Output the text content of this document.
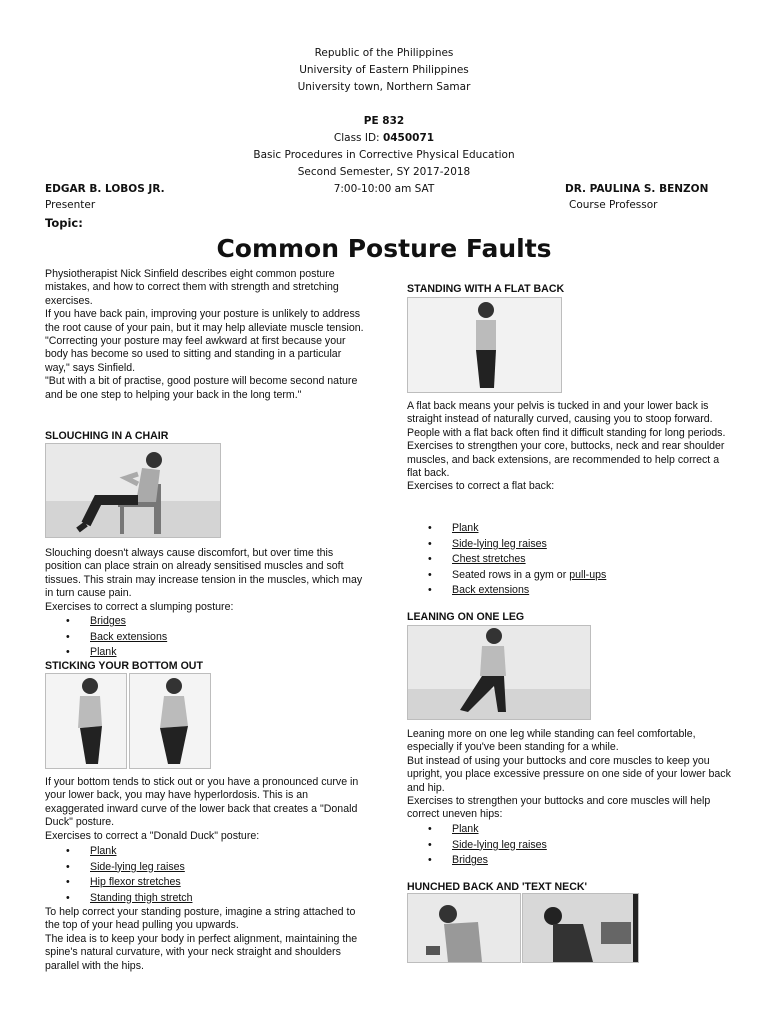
Republic of the Philippines
University of Eastern Philippines
University town, Northern Samar
PE 832
Class ID: 0450071
Basic Procedures in Corrective Physical Education
Second Semester, SY 2017-2018
EDGAR B. LOBOS JR.	7:00-10:00 am SAT	DR. PAULINA S. BENZON
Presenter	Course Professor
Topic:
Common Posture Faults

Physiotherapist Nick Sinfield describes eight common posture mistakes, and how to correct them with strength and stretching exercises.

If you have back pain, improving your posture is unlikely to address the root cause of your pain, but it may help alleviate muscle tension.

"Correcting your posture may feel awkward at first because your body has become so used to sitting and standing in a particular way," says Sinfield.

"But with a bit of practise, good posture will become second nature and be one step to helping your back in the long term."

SLOUCHING IN A CHAIR

Slouching doesn't always cause discomfort, but over time this position can place strain on already sensitised muscles and soft tissues. This strain may increase tension in the muscles, which may in turn cause pain.

Exercises to correct a slumping posture:

• Bridges
• Back extensions
• Plank
STICKING YOUR BOTTOM OUT

If your bottom tends to stick out or you have a pronounced curve in your lower back, you may have hyperlordosis. This is an exaggerated inward curve of the lower back that creates a "Donald Duck" posture.

Exercises to correct a "Donald Duck" posture:

• Plank
• Side-lying leg raises
• Hip flexor stretches
• Standing thigh stretch

To help correct your standing posture, imagine a string attached to the top of your head pulling you upwards.

The idea is to keep your body in perfect alignment, maintaining the spine's natural curvature, with your neck straight and shoulders parallel with the hips.

STANDING WITH A FLAT BACK

A flat back means your pelvis is tucked in and your lower back is straight instead of naturally curved, causing you to stoop forward.

People with a flat back often find it difficult standing for long periods.

Exercises to strengthen your core, buttocks, neck and rear shoulder muscles, and back extensions, are recommended to help correct a flat back.

Exercises to correct a flat back:

• Plank
• Side-lying leg raises
• Chest stretches
• Seated rows in a gym or pull-ups
• Back extensions
LEANING ON ONE LEG

Leaning more on one leg while standing can feel comfortable, especially if you've been standing for a while.

But instead of using your buttocks and core muscles to keep you upright, you place excessive pressure on one side of your lower back and hip.

Exercises to strengthen your buttocks and core muscles will help correct uneven hips:

• Plank
• Side-lying leg raises
• Bridges
HUNCHED BACK AND 'TEXT NECK'
